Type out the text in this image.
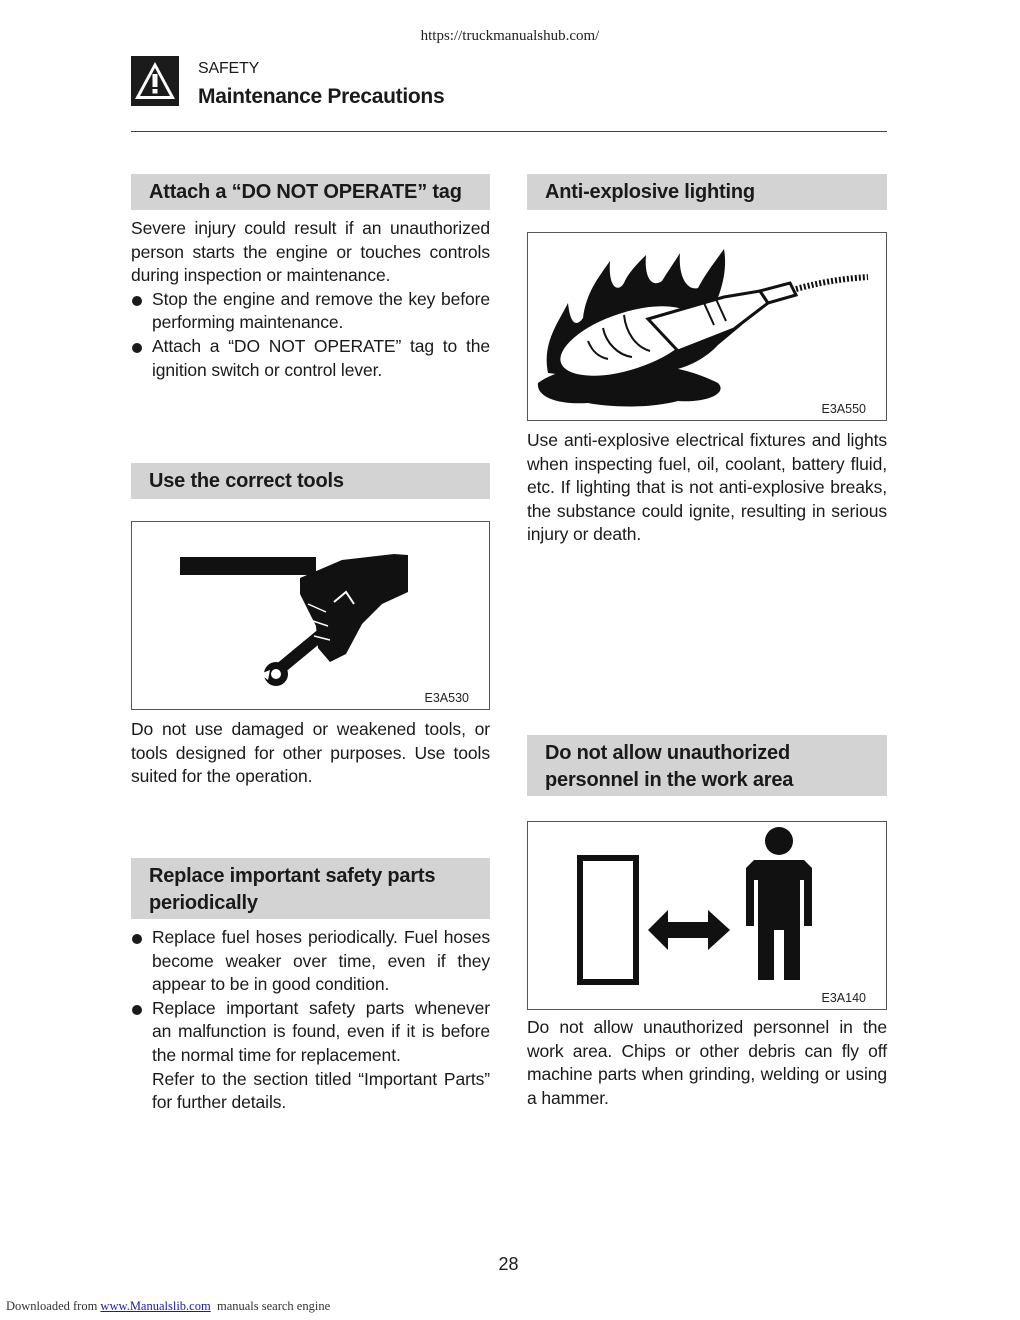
https://truckmanualshub.com/
SAFETY
Maintenance Precautions
Attach a “DO NOT OPERATE” tag
Severe injury could result if an unauthorized person starts the engine or touches controls during inspection or maintenance.
Stop the engine and remove the key before performing maintenance.
Attach a “DO NOT OPERATE” tag to the ignition switch or control lever.
Use the correct tools
E3A530
Do not use damaged or weakened tools, or tools designed for other purposes. Use tools suited for the operation.
Replace important safety parts
periodically
Replace fuel hoses periodically. Fuel hoses become weaker over time, even if they appear to be in good condition.
Replace important safety parts whenever an malfunction is found, even if it is before the normal time for replacement.
Refer to the section titled “Important Parts” for further details.
Anti-explosive lighting
E3A550
Use anti-explosive electrical fixtures and lights when inspecting fuel, oil, coolant, battery fluid, etc. If lighting that is not anti-explosive breaks, the substance could ignite, resulting in serious injury or death.
Do not allow unauthorized
personnel in the work area
E3A140
Do not allow unauthorized personnel in the work area. Chips or other debris can fly off machine parts when grinding, welding or using a hammer.
28
Downloaded from www.Manualslib.com  manuals search engine
